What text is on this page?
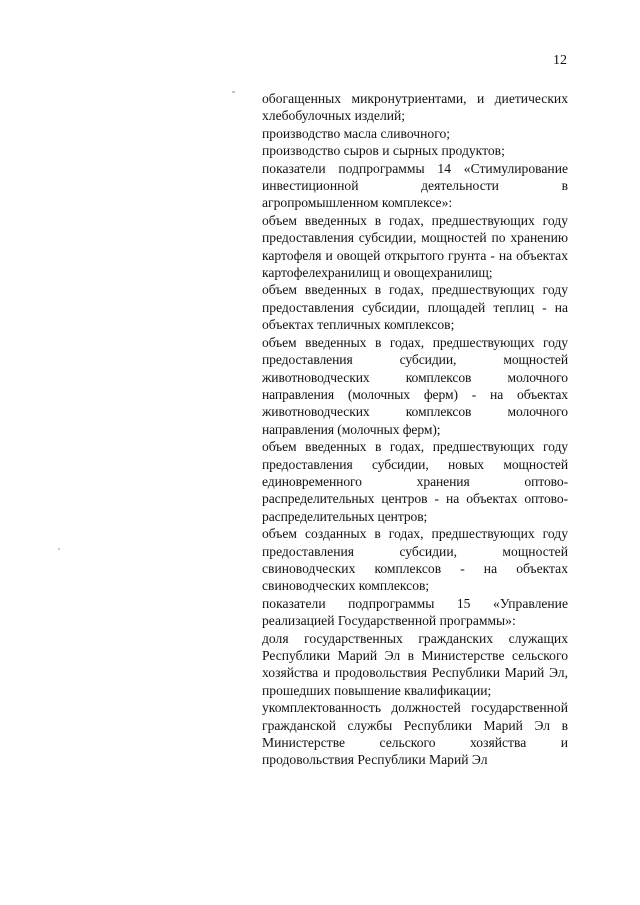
12

обогащенных микронутриентами, и диетических хлебобулочных изделий;

производство масла сливочного;

производство сыров и сырных продуктов;

показатели подпрограммы 14 «Стимулирование инвестиционной деятельности в агропромышленном комплексе»:

объем введенных в годах, предшествующих году предоставления субсидии, мощностей по хранению картофеля и овощей открытого грунта - на объектах картофелехранилищ и овощехранилищ;

объем введенных в годах, предшествующих году предоставления субсидии, площадей теплиц - на объектах тепличных комплексов;

объем введенных в годах, предшествующих году предоставления субсидии, мощностей животноводческих комплексов молочного направления (молочных ферм) - на объектах животноводческих комплексов молочного направления (молочных ферм);

объем введенных в годах, предшествующих году предоставления субсидии, новых мощностей единовременного хранения оптово-распределительных центров - на объектах оптово-распределительных центров;

объем созданных в годах, предшествующих году предоставления субсидии, мощностей свиноводческих комплексов - на объектах свиноводческих комплексов;

показатели подпрограммы 15 «Управление реализацией Государственной программы»:

доля государственных гражданских служащих Республики Марий Эл в Министерстве сельского хозяйства и продовольствия Республики Марий Эл, прошедших повышение квалификации;

укомплектованность должностей государственной гражданской службы Республики Марий Эл в Министерстве сельского хозяйства и продовольствия Республики Марий Эл
